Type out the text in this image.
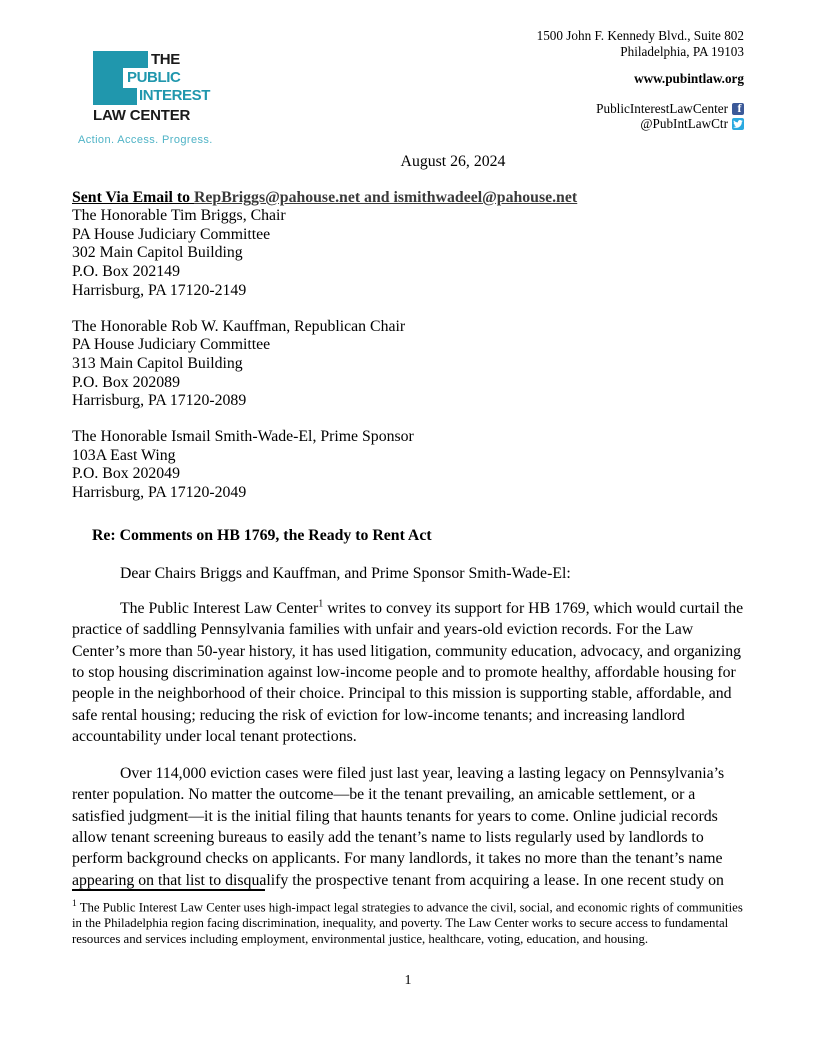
THE
PUBLIC
INTEREST
LAW CENTER
Action. Access. Progress.
1500 John F. Kennedy Blvd., Suite 802
Philadelphia, PA 19103
www.pubintlaw.org
PublicInterestLawCenter
f
@PubIntLawCtr
August 26, 2024
Sent Via Email to RepBriggs@pahouse.net and ismithwadeel@pahouse.net
The Honorable Tim Briggs, Chair
PA House Judiciary Committee
302 Main Capitol Building
P.O. Box 202149
Harrisburg, PA 17120-2149
The Honorable Rob W. Kauffman, Republican Chair
PA House Judiciary Committee
313 Main Capitol Building
P.O. Box 202089
Harrisburg, PA 17120-2089
The Honorable Ismail Smith-Wade-El, Prime Sponsor
103A East Wing
P.O. Box 202049
Harrisburg, PA 17120-2049
Re: Comments on HB 1769, the Ready to Rent Act
Dear Chairs Briggs and Kauffman, and Prime Sponsor Smith-Wade-El:

The Public Interest Law Center$^1$ writes to convey its support for HB 1769, which would curtail the practice of saddling Pennsylvania families with unfair and years-old eviction records. For the Law Center’s more than 50-year history, it has used litigation, community education, advocacy, and organizing to stop housing discrimination against low-income people and to promote healthy, affordable housing for people in the neighborhood of their choice. Principal to this mission is supporting stable, affordable, and safe rental housing; reducing the risk of eviction for low-income tenants; and increasing landlord accountability under local tenant protections.

Over 114,000 eviction cases were filed just last year, leaving a lasting legacy on Pennsylvania’s renter population. No matter the outcome—be it the tenant prevailing, an amicable settlement, or a satisfied judgment—it is the initial filing that haunts tenants for years to come. Online judicial records allow tenant screening bureaus to easily add the tenant’s name to lists regularly used by landlords to perform background checks on applicants. For many landlords, it takes no more than the tenant’s name appearing on that list to disqualify the prospective tenant from acquiring a lease. In one recent study on

$^1$ The Public Interest Law Center uses high-impact legal strategies to advance the civil, social, and economic rights of communities in the Philadelphia region facing discrimination, inequality, and poverty. The Law Center works to secure access to fundamental resources and services including employment, environmental justice, healthcare, voting, education, and housing.
1
